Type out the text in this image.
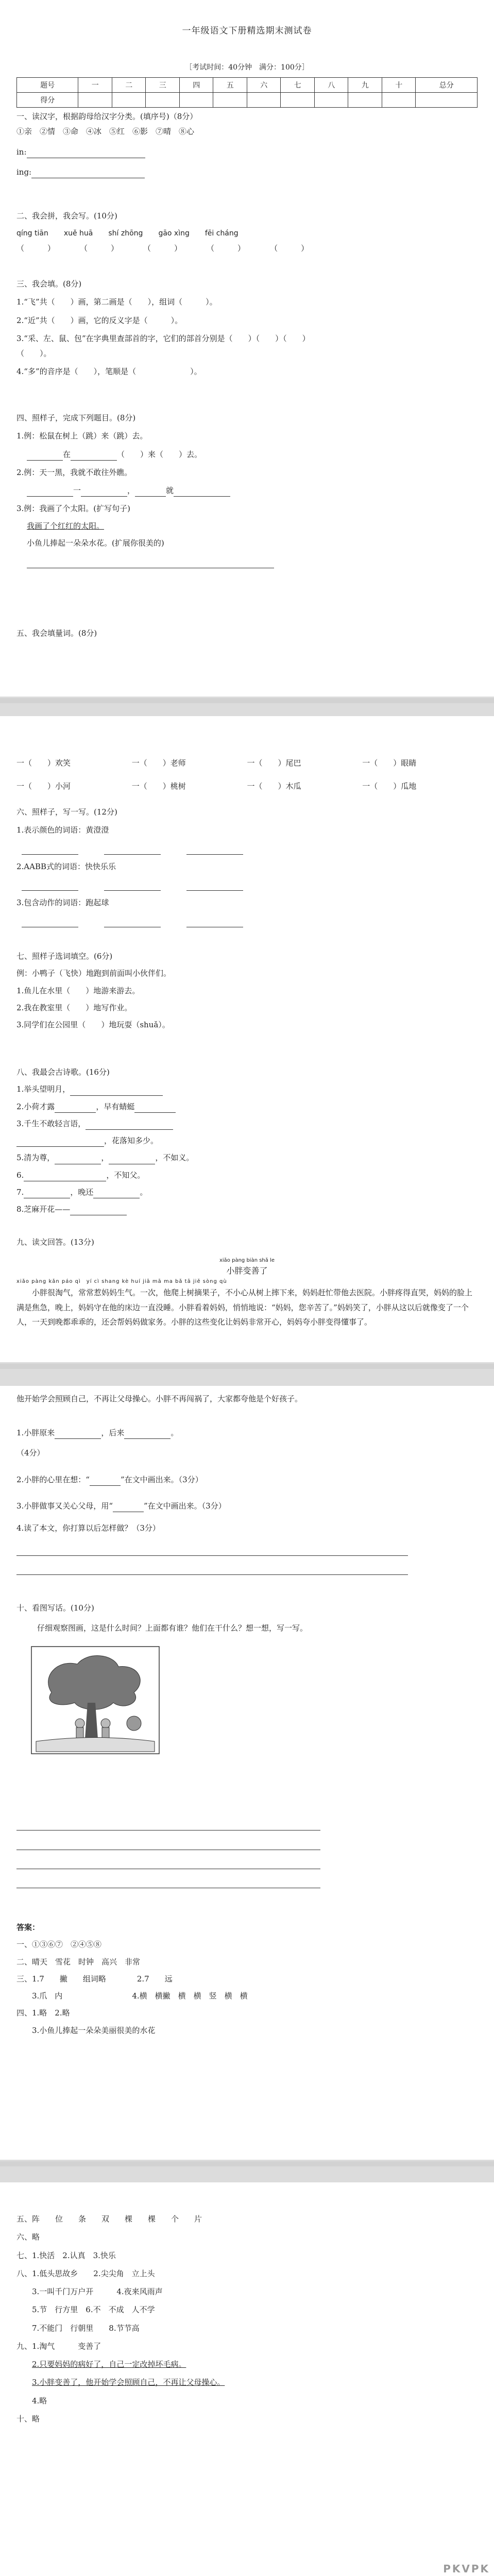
一年级语文下册精选期末测试卷
［考试时间：40分钟　满分：100分］
题号	一	二	三	四	五	六	七	八	九	十	总分
得分											

一、读汉字，根据韵母给汉字分类。(填序号)（8分）

①亲　②情　③命　④冰　⑤红　⑥影　⑦晴　⑧心

in:

ing:

二、我会拼，我会写。(10分)

qíng tiān xuě huā shí zhōng gāo xìng fēi cháng
（　　　）	（　　　）	（　　　）	（　　　）	（　　　）

三、我会填。(8分)

1.“飞”共（　　）画，第二画是（　　），组词（　　　）。

2.“近”共（　　）画，它的反义字是（　　　）。

3.“采、左、鼠、包”在字典里查部首的字，它们的部首分别是（　　）（　　）（　　）

（　　）。

4.“多”的音序是（　　），笔顺是（　　　　　　　）。

四、照样子，完成下列题目。(8分)

1.例：松鼠在树上（跳）来（跳）去。

在	（　　）来（　　）去。

2.例：天一黑，我就不敢往外瞧。

一	，	就

3.例：我画了个太阳。(扩写句子)

我画了个红红的太阳。

小鱼儿捧起一朵朵水花。(扩展你很美的)

五、我会填量词。(8分)

一（　　）欢笑	一（　　）老师	一（　　）尾巴	一（　　）眼睛
一（　　）小河	一（　　）桃树	一（　　）木瓜	一（　　）瓜地

六、照样子，写一写。(12分)

1.表示颜色的词语：黄澄澄

2.AABB式的词语：快快乐乐

3.包含动作的词语：跑起球

七、照样子选词填空。(6分)

例：小鸭子（飞快）地跑到前面叫小伙伴们。

1.鱼儿在水里（　　）地游来游去。

2.我在教室里（　　）地写作业。

3.同学们在公园里（　　）地玩耍（shuǎ）。

八、我最会古诗歌。(16分)

1.举头望明月，

2.小荷才露	，早有蜻蜓

3.千生不敢轻言语，

，花落知多少。

5.清为尊，	，	，不如义。

6.	，不知父。

7.	，晚还	。

8.芝麻开花——

九、读文回答。(13分)

xiǎo pàng biàn shǎ le

小胖变善了

xiǎo pàng kǎn páo qì　yí cì shang kè huí jiā mā ma bǎ tā jiě sòng qù

小胖很淘气，常常惹妈妈生气。一次，他爬上树摘果子，不小心从树上摔下来，妈妈赶忙带他去医院。小胖疼得直哭，妈妈的脸上满是焦急，晚上，妈妈守在他的床边一直没睡。小胖看着妈妈，悄悄地说：“妈妈，您辛苦了。”妈妈笑了，小胖从这以后就像变了一个人，一天到晚都乖乖的，还会帮妈妈做家务。小胖的这些变化让妈妈非常开心，妈妈夸小胖变得懂事了。

他开始学会照顾自己，不再让父母操心。小胖不再闯祸了，大家都夸他是个好孩子。

1.小胖原来	，后来	。

（4分）

2.小胖的心里在想：“	”在文中画出来。（3分）

3.小胖做事又关心父母，用“	”在文中画出来。（3分）

4.读了本文，你打算以后怎样做？（3分）

十、看图写话。(10分)

仔细观察图画，这是什么时间？上面都有谁？他们在干什么？想一想，写一写。

答案：

一、①③⑥⑦　②④⑤⑧

二、晴天　雪花　时钟　高兴　非常

三、1.7　　撇　　组词略　　　　2.7　　远

3.爪　内　　　　　　　　　4.横　横撇　横　横　竖　横　横

四、1.略　2.略

3.小鱼儿捧起一朵朵美丽很美的水花

五、阵　　位　　条　　双　　棵　　棵　　个　　片

六、略

七、1.快活　2.认真　3.快乐

八、1.低头思故乡　　2.尖尖角　立上头

3.一叫千门万户开　　　4.夜来风雨声

5.节　行方里　6.不　不成　人不学

7.不能门　行朝里　　8.节节高

九、1.淘气　　　变善了

2.只要妈妈的病好了，自己一定改掉坏毛病。

3.小胖变善了，他开始学会照顾自己，不再让父母操心。

4.略

十、略

PKVPK
